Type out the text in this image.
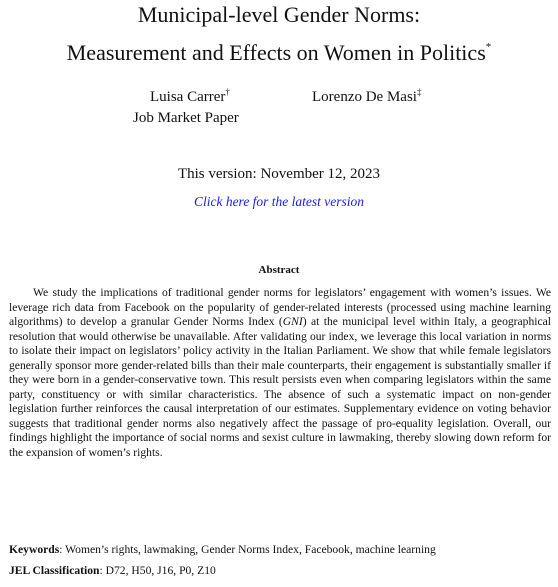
Municipal-level Gender Norms:
Measurement and Effects on Women in Politics*
Luisa Carrer†	Lorenzo De Masi‡
Job Market Paper
This version: November 12, 2023
Click here for the latest version
Abstract
We study the implications of traditional gender norms for legislators’ engagement with women’s issues. We leverage rich data from Facebook on the popularity of gender-related interests (processed using machine learning algorithms) to develop a granular Gender Norms Index (GNI) at the municipal level within Italy, a geographical resolution that would otherwise be unavailable. After validating our index, we leverage this local variation in norms to isolate their impact on legislators’ policy activity in the Italian Parliament. We show that while female legislators generally sponsor more gender-related bills than their male counterparts, their engagement is substantially smaller if they were born in a gender-conservative town. This result persists even when comparing legislators within the same party, constituency or with similar characteristics. The absence of such a systematic impact on non-gender legislation further reinforces the causal interpretation of our estimates. Supplementary evidence on voting behavior suggests that traditional gender norms also negatively affect the passage of pro-equality legislation. Overall, our findings highlight the importance of social norms and sexist culture in lawmaking, thereby slowing down reform for the expansion of women’s rights.
Keywords: Women’s rights, lawmaking, Gender Norms Index, Facebook, machine learning
JEL Classification: D72, H50, J16, P0, Z10
